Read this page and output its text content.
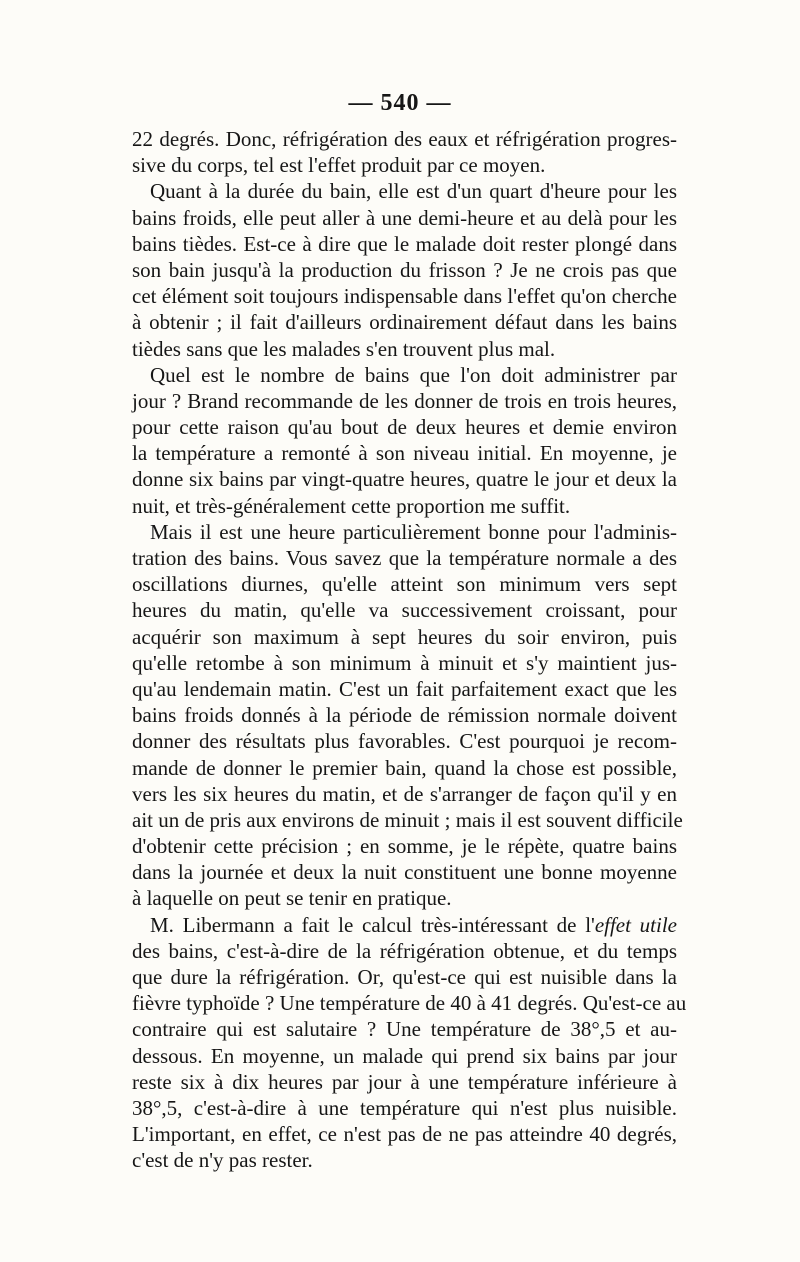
— 540 —
22 degrés. Donc, réfrigération des eaux et réfrigération progres-
sive du corps, tel est l'effet produit par ce moyen.
Quant à la durée du bain, elle est d'un quart d'heure pour les
bains froids, elle peut aller à une demi-heure et au delà pour les
bains tièdes. Est-ce à dire que le malade doit rester plongé dans
son bain jusqu'à la production du frisson ? Je ne crois pas que
cet élément soit toujours indispensable dans l'effet qu'on cherche
à obtenir ; il fait d'ailleurs ordinairement défaut dans les bains
tièdes sans que les malades s'en trouvent plus mal.
Quel est le nombre de bains que l'on doit administrer par
jour ? Brand recommande de les donner de trois en trois heures,
pour cette raison qu'au bout de deux heures et demie environ
la température a remonté à son niveau initial. En moyenne, je
donne six bains par vingt-quatre heures, quatre le jour et deux la
nuit, et très-généralement cette proportion me suffit.
Mais il est une heure particulièrement bonne pour l'adminis-
tration des bains. Vous savez que la température normale a des
oscillations diurnes, qu'elle atteint son minimum vers sept
heures du matin, qu'elle va successivement croissant, pour
acquérir son maximum à sept heures du soir environ, puis
qu'elle retombe à son minimum à minuit et s'y maintient jus-
qu'au lendemain matin. C'est un fait parfaitement exact que les
bains froids donnés à la période de rémission normale doivent
donner des résultats plus favorables. C'est pourquoi je recom-
mande de donner le premier bain, quand la chose est possible,
vers les six heures du matin, et de s'arranger de façon qu'il y en
ait un de pris aux environs de minuit ; mais il est souvent difficile
d'obtenir cette précision ; en somme, je le répète, quatre bains
dans la journée et deux la nuit constituent une bonne moyenne
à laquelle on peut se tenir en pratique.
M. Libermann a fait le calcul très-intéressant de l'effet utile
des bains, c'est-à-dire de la réfrigération obtenue, et du temps
que dure la réfrigération. Or, qu'est-ce qui est nuisible dans la
fièvre typhoïde ? Une température de 40 à 41 degrés. Qu'est-ce au
contraire qui est salutaire ? Une température de 38°,5 et au-
dessous. En moyenne, un malade qui prend six bains par jour
reste six à dix heures par jour à une température inférieure à
38°,5, c'est-à-dire à une température qui n'est plus nuisible.
L'important, en effet, ce n'est pas de ne pas atteindre 40 degrés,
c'est de n'y pas rester.
